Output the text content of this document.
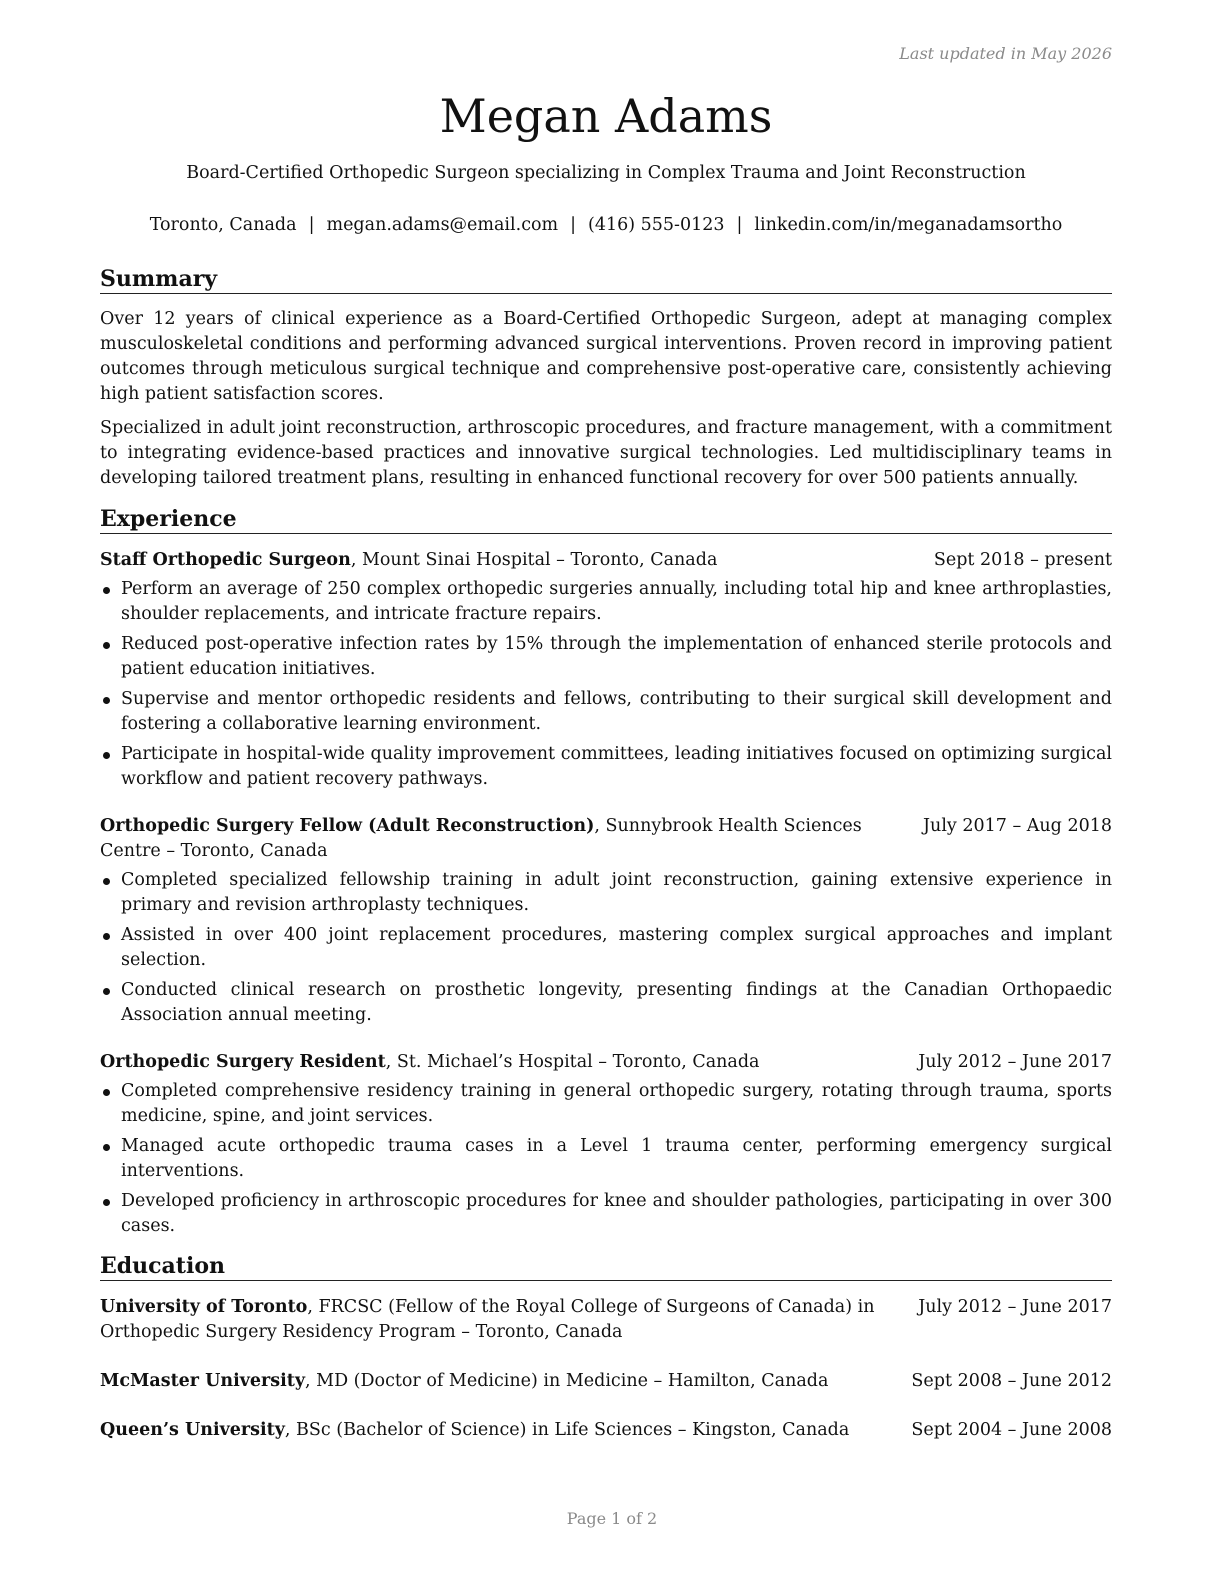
Last updated in May 2026
Megan Adams
Board-Certified Orthopedic Surgeon specializing in Complex Trauma and Joint Reconstruction
Toronto, Canada | megan.adams@email.com | (416) 555-0123 | linkedin.com/in/meganadamsortho
Summary

Over 12 years of clinical experience as a Board-Certified Orthopedic Surgeon, adept at managing complex musculoskeletal conditions and performing advanced surgical interventions. Proven record in improving patient outcomes through meticulous surgical technique and comprehensive post-operative care, consistently achieving high patient satisfaction scores.

Specialized in adult joint reconstruction, arthroscopic procedures, and fracture management, with a commitment to integrating evidence-based practices and innovative surgical technologies. Led multidisciplinary teams in developing tailored treatment plans, resulting in enhanced functional recovery for over 500 patients annually.

Experience
Staff Orthopedic Surgeon, Mount Sinai Hospital – Toronto, Canada	Sept 2018 – present
Perform an average of 250 complex orthopedic surgeries annually, including total hip and knee arthroplasties, shoulder replacements, and intricate fracture repairs.
Reduced post-operative infection rates by 15% through the implementation of enhanced sterile protocols and patient education initiatives.
Supervise and mentor orthopedic residents and fellows, contributing to their surgical skill development and fostering a collaborative learning environment.
Participate in hospital-wide quality improvement committees, leading initiatives focused on optimizing surgical workflow and patient recovery pathways.
Orthopedic Surgery Fellow (Adult Reconstruction), Sunnybrook Health Sciences Centre – Toronto, Canada
July 2017 – Aug 2018
Completed specialized fellowship training in adult joint reconstruction, gaining extensive experience in primary and revision arthroplasty techniques.
Assisted in over 400 joint replacement procedures, mastering complex surgical approaches and implant selection.
Conducted clinical research on prosthetic longevity, presenting findings at the Canadian Orthopaedic Association annual meeting.
Orthopedic Surgery Resident, St. Michael’s Hospital – Toronto, Canada	July 2012 – June 2017
Completed comprehensive residency training in general orthopedic surgery, rotating through trauma, sports medicine, spine, and joint services.
Managed acute orthopedic trauma cases in a Level 1 trauma center, performing emergency surgical interventions.
Developed proficiency in arthroscopic procedures for knee and shoulder pathologies, participating in over 300 cases.
Education
University of Toronto, FRCSC (Fellow of the Royal College of Surgeons of Canada) in Orthopedic Surgery Residency Program – Toronto, Canada
July 2012 – June 2017
McMaster University, MD (Doctor of Medicine) in Medicine – Hamilton, Canada	Sept 2008 – June 2012
Queen’s University, BSc (Bachelor of Science) in Life Sciences – Kingston, Canada	Sept 2004 – June 2008
Page 1 of 2
